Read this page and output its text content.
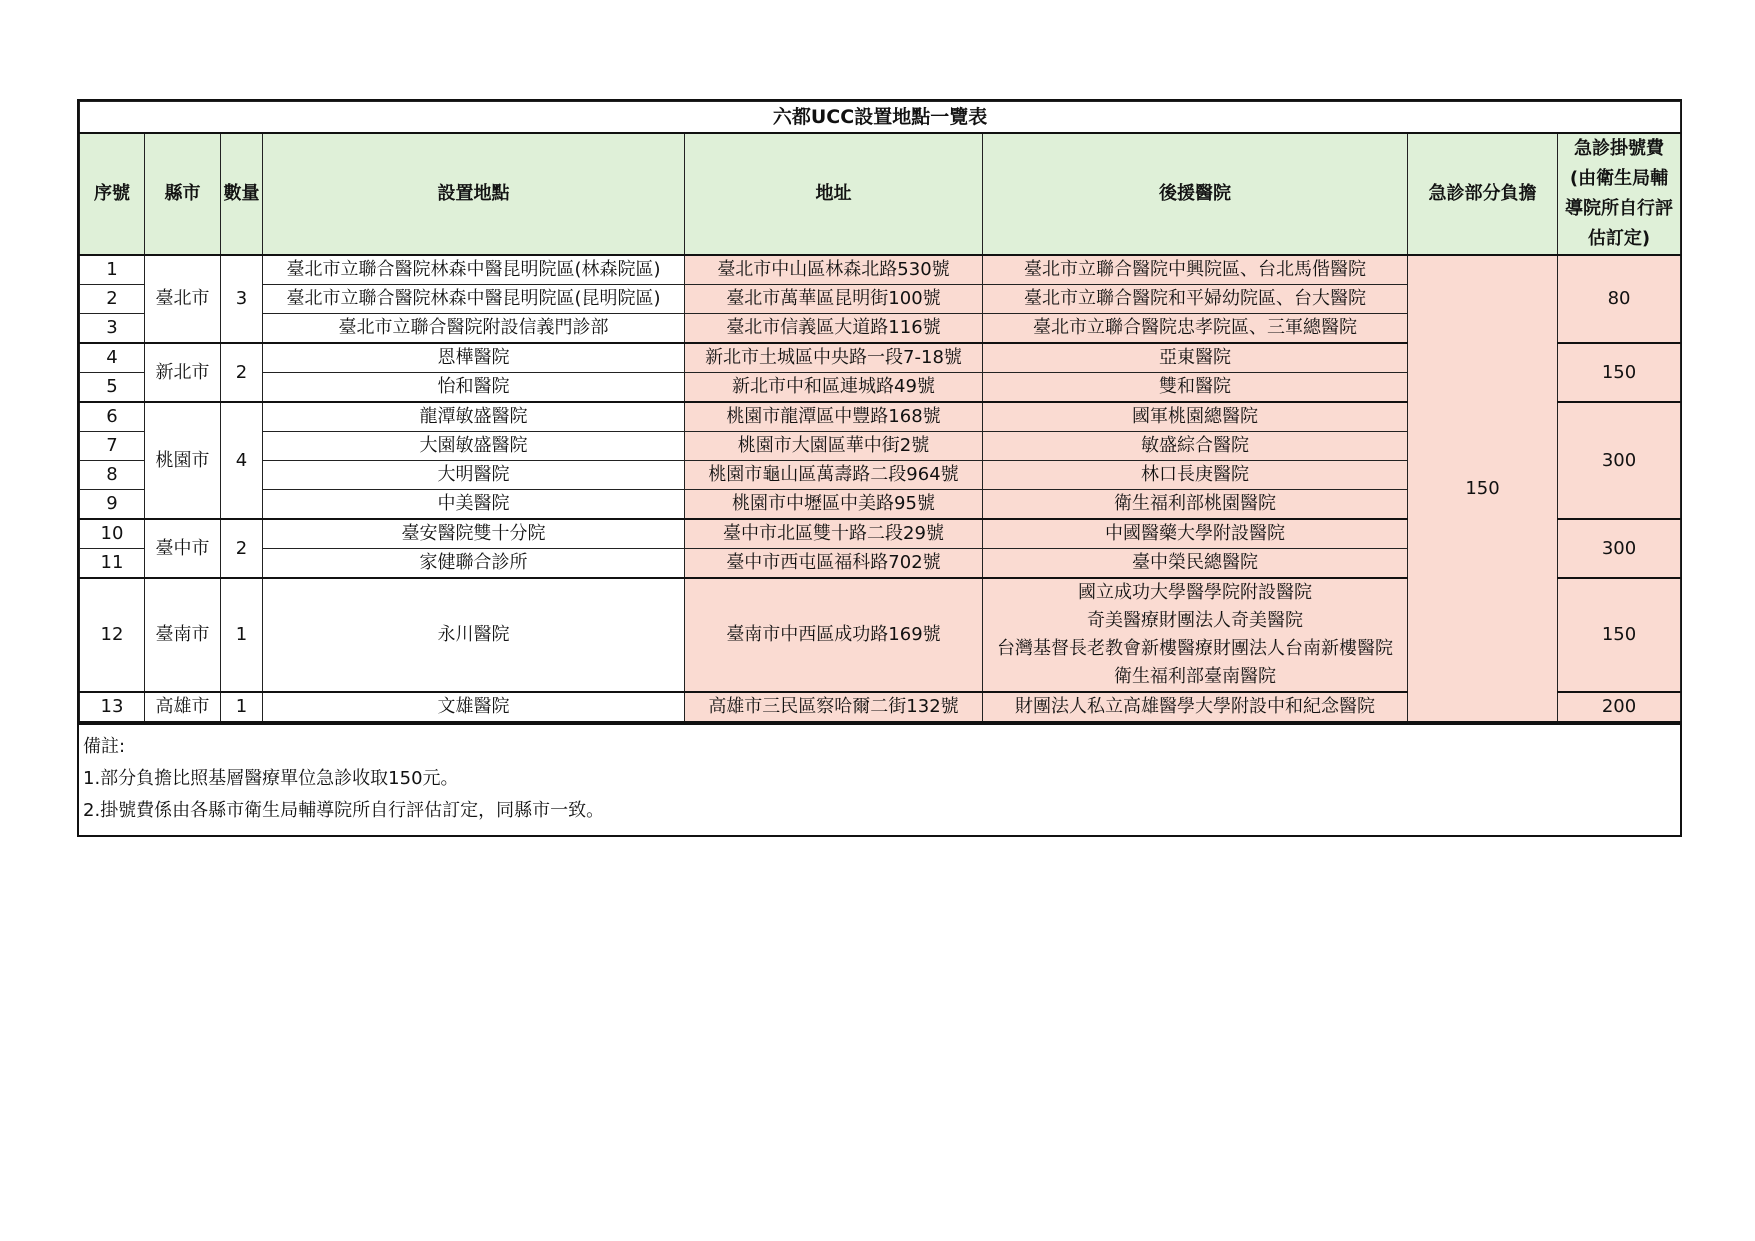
六都UCC設置地點一覽表							
序號	縣市	數量	設置地點	地址	後援醫院	急診部分負擔	急診掛號費(由衛生局輔導院所自行評估訂定)
1	臺北市	3	臺北市立聯合醫院林森中醫昆明院區(林森院區)	臺北市中山區林森北路530號	臺北市立聯合醫院中興院區、台北馬偕醫院	150	80
2			臺北市立聯合醫院林森中醫昆明院區(昆明院區)	臺北市萬華區昆明街100號	臺北市立聯合醫院和平婦幼院區、台大醫院		
3			臺北市立聯合醫院附設信義門診部	臺北市信義區大道路116號	臺北市立聯合醫院忠孝院區、三軍總醫院		
4	新北市	2	恩樺醫院	新北市土城區中央路一段7-18號	亞東醫院		150
5			怡和醫院	新北市中和區連城路49號	雙和醫院		
6	桃園市	4	龍潭敏盛醫院	桃園市龍潭區中豐路168號	國軍桃園總醫院		300
7			大園敏盛醫院	桃園市大園區華中街2號	敏盛綜合醫院		
8			大明醫院	桃園市龜山區萬壽路二段964號	林口長庚醫院		
9			中美醫院	桃園市中壢區中美路95號	衛生福利部桃園醫院		
10	臺中市	2	臺安醫院雙十分院	臺中市北區雙十路二段29號	中國醫藥大學附設醫院		300
11			家健聯合診所	臺中市西屯區福科路702號	臺中榮民總醫院		
12	臺南市	1	永川醫院	臺南市中西區成功路169號	國立成功大學醫學院附設醫院
奇美醫療財團法人奇美醫院
台灣基督長老教會新樓醫療財團法人台南新樓醫院
衛生福利部臺南醫院		150
13	高雄市	1	文雄醫院	高雄市三民區察哈爾二街132號	財團法人私立高雄醫學大學附設中和紀念醫院		200
備註:
1.部分負擔比照基層醫療單位急診收取150元。
2.掛號費係由各縣市衛生局輔導院所自行評估訂定，同縣市一致。
